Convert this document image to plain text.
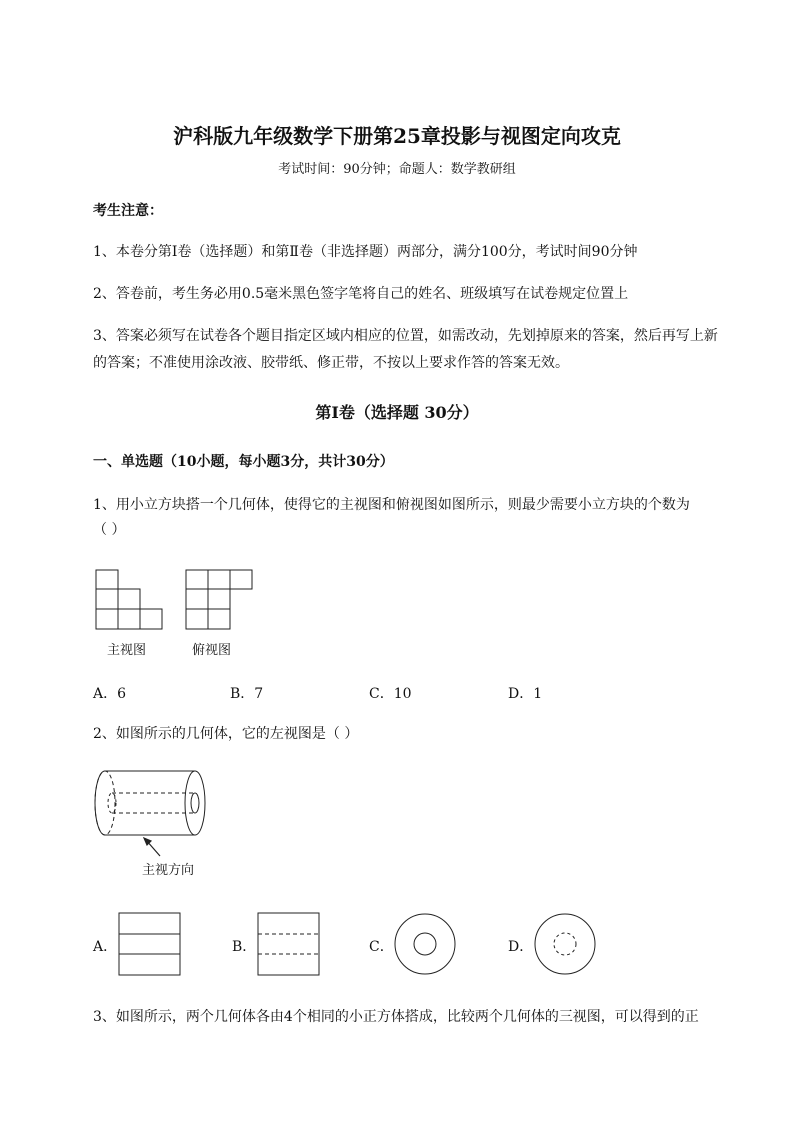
沪科版九年级数学下册第25章投影与视图定向攻克
考试时间：90分钟；命题人：数学教研组
考生注意：
1、本卷分第I卷（选择题）和第Ⅱ卷（非选择题）两部分，满分100分，考试时间90分钟
2、答卷前，考生务必用0.5毫米黑色签字笔将自己的姓名、班级填写在试卷规定位置上
3、答案必须写在试卷各个题目指定区域内相应的位置，如需改动，先划掉原来的答案，然后再写上新
的答案；不准使用涂改液、胶带纸、修正带，不按以上要求作答的答案无效。
第I卷（选择题 30分）
一、单选题（10小题，每小题3分，共计30分）
1、用小立方块搭一个几何体，使得它的主视图和俯视图如图所示，则最少需要小立方块的个数为
（ ）
主视图	俯视图
A．6	B．7	C．10	D．1
2、如图所示的几何体，它的左视图是（ ）
主视方向
A．	B．	C．	D．
3、如图所示，两个几何体各由4个相同的小正方体搭成，比较两个几何体的三视图，可以得到的正
